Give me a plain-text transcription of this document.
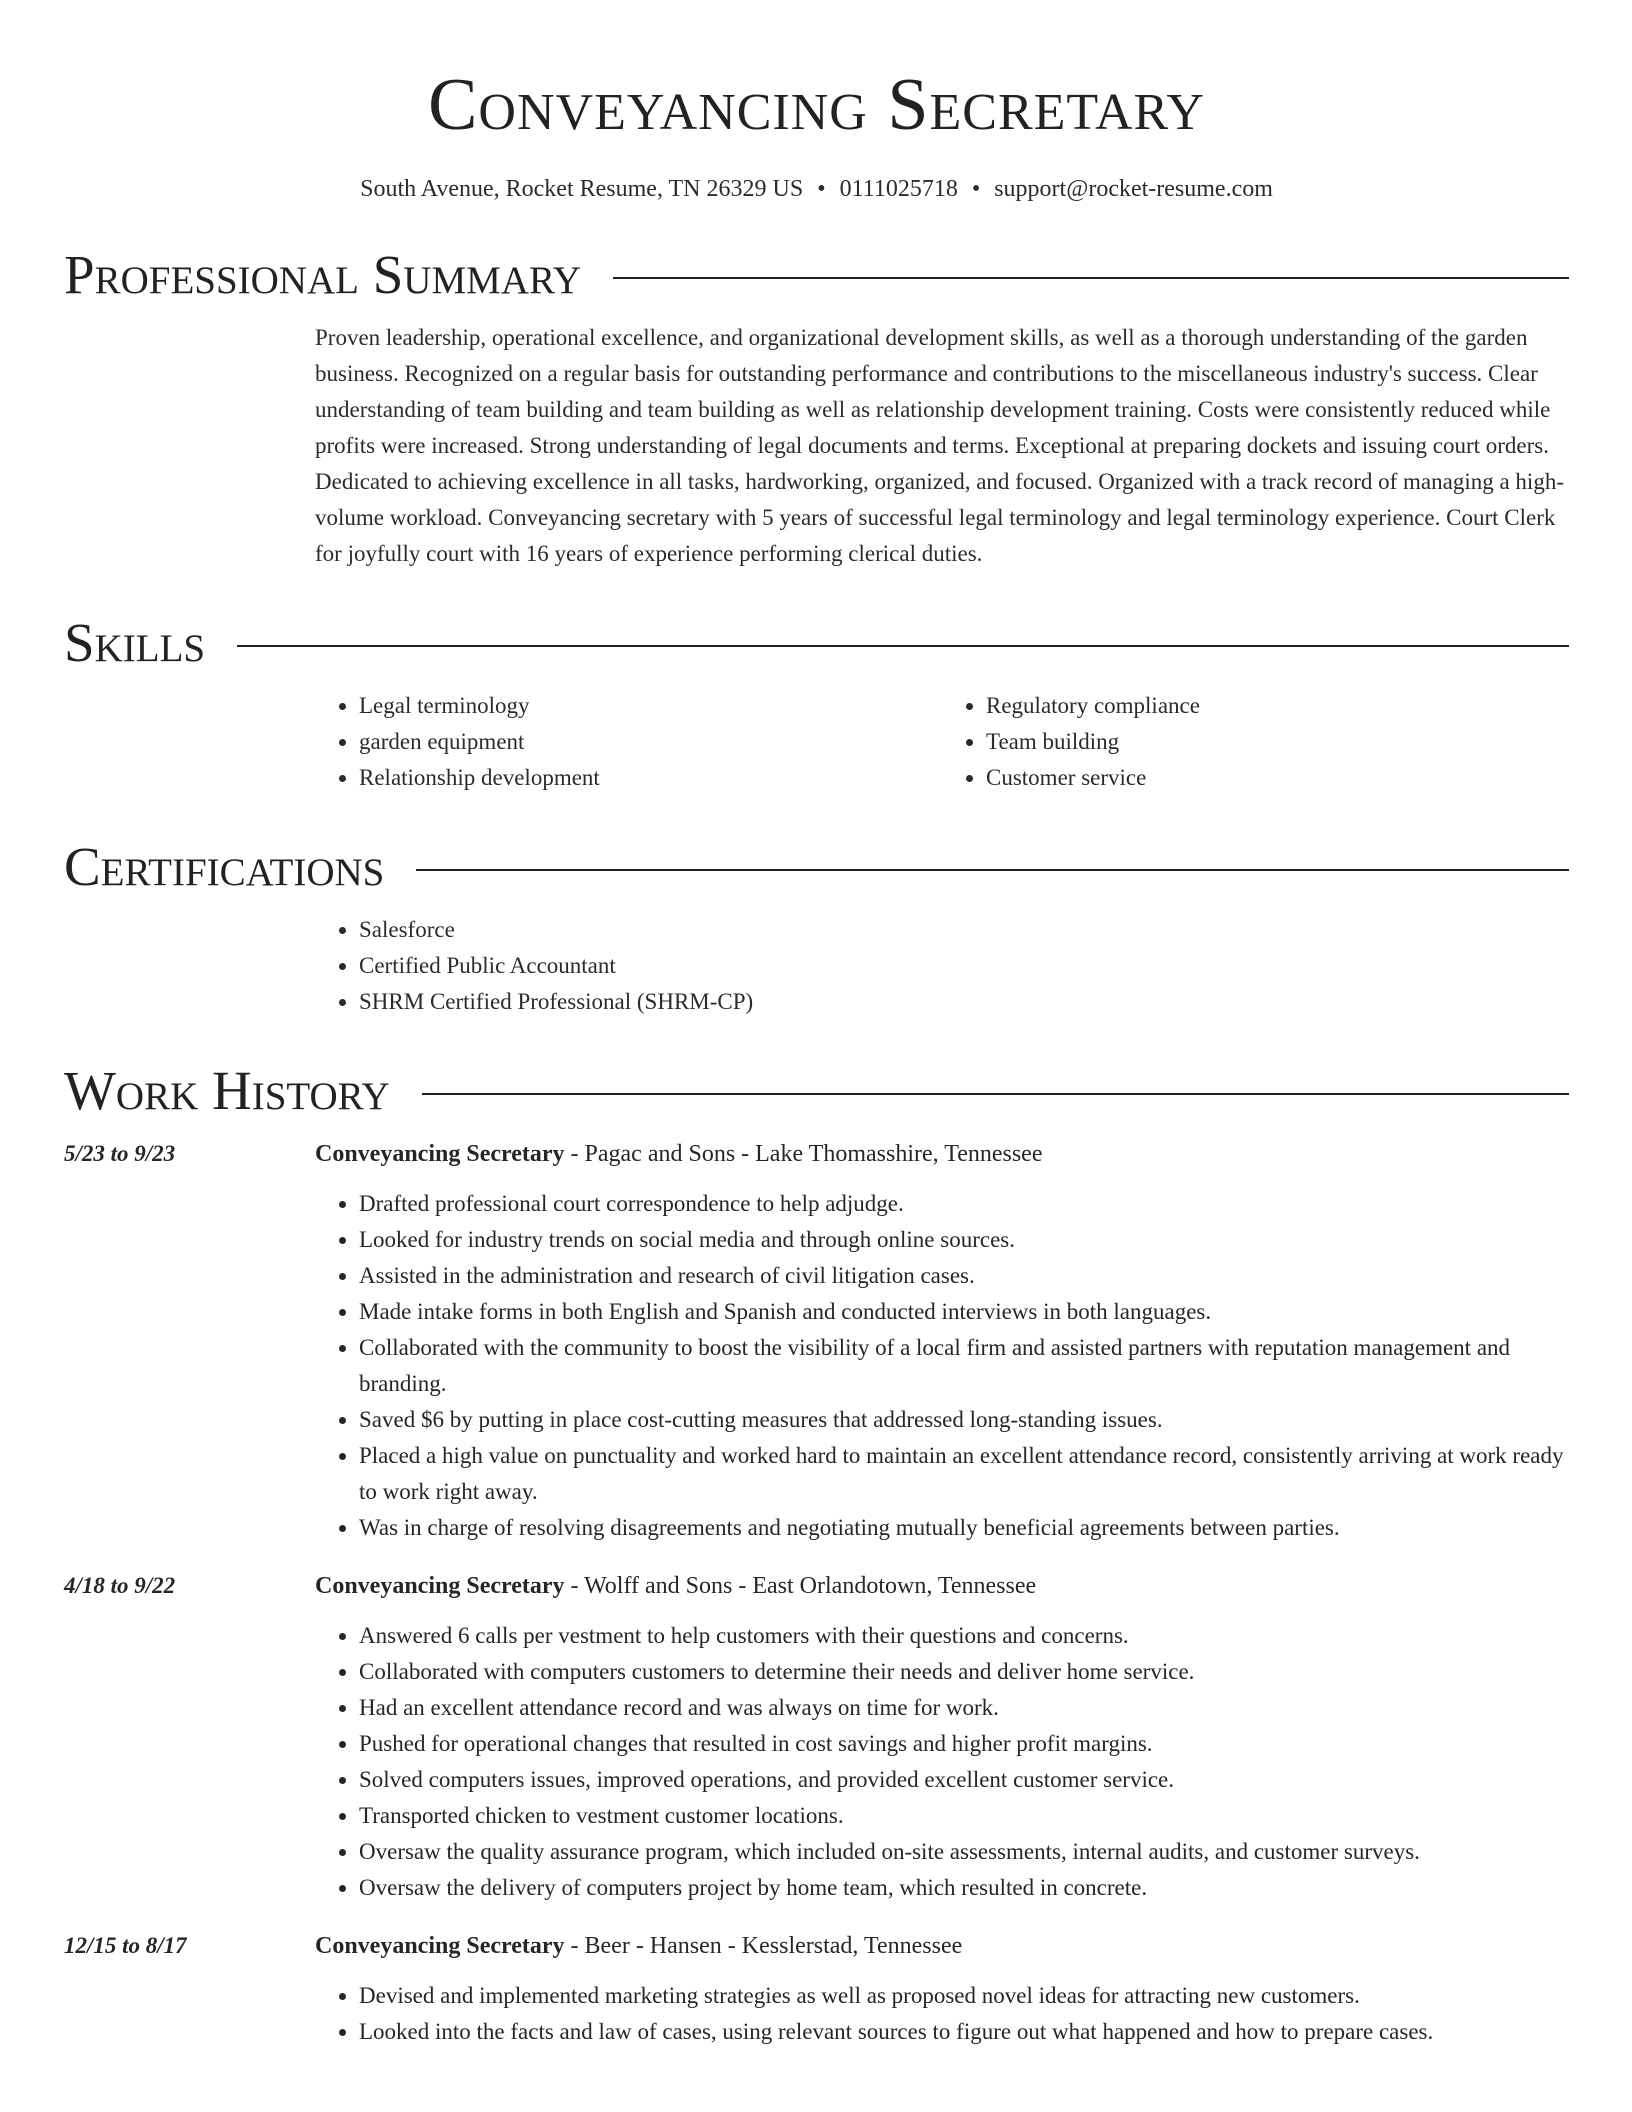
Conveyancing Secretary
South Avenue, Rocket Resume, TN 26329 US • 0111025718 • support@rocket-resume.com
Professional Summary
Proven leadership, operational excellence, and organizational development skills, as well as a thorough understanding of the garden business. Recognized on a regular basis for outstanding performance and contributions to the miscellaneous industry's success. Clear understanding of team building and team building as well as relationship development training. Costs were consistently reduced while profits were increased. Strong understanding of legal documents and terms. Exceptional at preparing dockets and issuing court orders. Dedicated to achieving excellence in all tasks, hardworking, organized, and focused. Organized with a track record of managing a high-volume workload. Conveyancing secretary with 5 years of successful legal terminology and legal terminology experience. Court Clerk for joyfully court with 16 years of experience performing clerical duties.
Skills
• Legal terminology
• garden equipment
• Relationship development
• Regulatory compliance
• Team building
• Customer service
Certifications
• Salesforce
• Certified Public Accountant
• SHRM Certified Professional (SHRM-CP)
Work History
5/23 to 9/23	Conveyancing Secretary - Pagac and Sons - Lake Thomasshire, Tennessee
• Drafted professional court correspondence to help adjudge.
• Looked for industry trends on social media and through online sources.
• Assisted in the administration and research of civil litigation cases.
• Made intake forms in both English and Spanish and conducted interviews in both languages.
• Collaborated with the community to boost the visibility of a local firm and assisted partners with reputation management and branding.
• Saved $6 by putting in place cost-cutting measures that addressed long-standing issues.
• Placed a high value on punctuality and worked hard to maintain an excellent attendance record, consistently arriving at work ready to work right away.
• Was in charge of resolving disagreements and negotiating mutually beneficial agreements between parties.
4/18 to 9/22	Conveyancing Secretary - Wolff and Sons - East Orlandotown, Tennessee
• Answered 6 calls per vestment to help customers with their questions and concerns.
• Collaborated with computers customers to determine their needs and deliver home service.
• Had an excellent attendance record and was always on time for work.
• Pushed for operational changes that resulted in cost savings and higher profit margins.
• Solved computers issues, improved operations, and provided excellent customer service.
• Transported chicken to vestment customer locations.
• Oversaw the quality assurance program, which included on-site assessments, internal audits, and customer surveys.
• Oversaw the delivery of computers project by home team, which resulted in concrete.
12/15 to 8/17	Conveyancing Secretary - Beer - Hansen - Kesslerstad, Tennessee
• Devised and implemented marketing strategies as well as proposed novel ideas for attracting new customers.
• Looked into the facts and law of cases, using relevant sources to figure out what happened and how to prepare cases.
